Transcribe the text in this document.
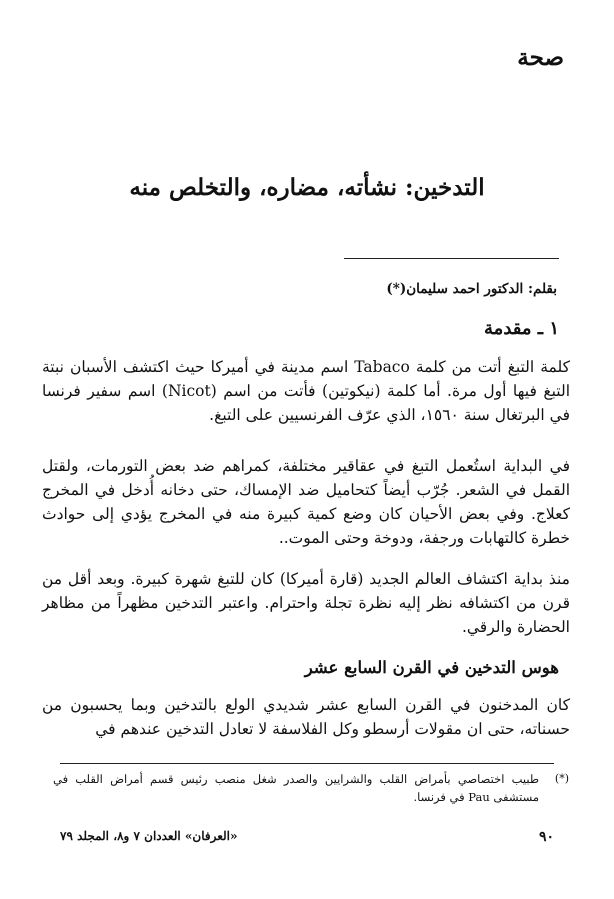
صحة
التدخين: نشأته، مضاره، والتخلص منه
بقلم: الدكتور احمد سليمان(*)
١ ـ مقدمة

كلمة التبغ أتت من كلمة Tabaco اسم مدينة في أميركا حيث اكتشف الأسبان نبتة التبغ فيها أول مرة. أما كلمة (نيكوتين) فأتت من اسم (Nicot) اسم سفير فرنسا في البرتغال سنة ١٥٦٠، الذي عرّف الفرنسيين على التبغ.

في البداية استُعمل التبغ في عقاقير مختلفة، كمراهم ضد بعض التورمات، ولقتل القمل في الشعر. جُرّب أيضاً كتحاميل ضد الإمساك، حتى دخانه أُدخل في المخرج كعلاج. وفي بعض الأحيان كان وضع كمية كبيرة منه في المخرج يؤدي إلى حوادث خطرة كالتهابات ورجفة، ودوخة وحتى الموت..

منذ بداية اكتشاف العالم الجديد (قارة أميركا) كان للتبغ شهرة كبيرة. وبعد أقل من قرن من اكتشافه نظر إليه نظرة تجلة واحترام. واعتبر التدخين مظهراً من مظاهر الحضارة والرقي.

هوس التدخين في القرن السابع عشر

كان المدخنون في القرن السابع عشر شديدي الولع بالتدخين وبما يحسبون من حسناته، حتى ان مقولات أرسطو وكل الفلاسفة لا تعادل التدخين عندهم في

(*)

طبيب اختصاصي بأمراض القلب والشرايين والصدر شغل منصب رئيس قسم أمراض القلب في مستشفى Pau في فرنسا.

٩٠
«العرفان» العددان ٧ و٨، المجلد ٧٩
